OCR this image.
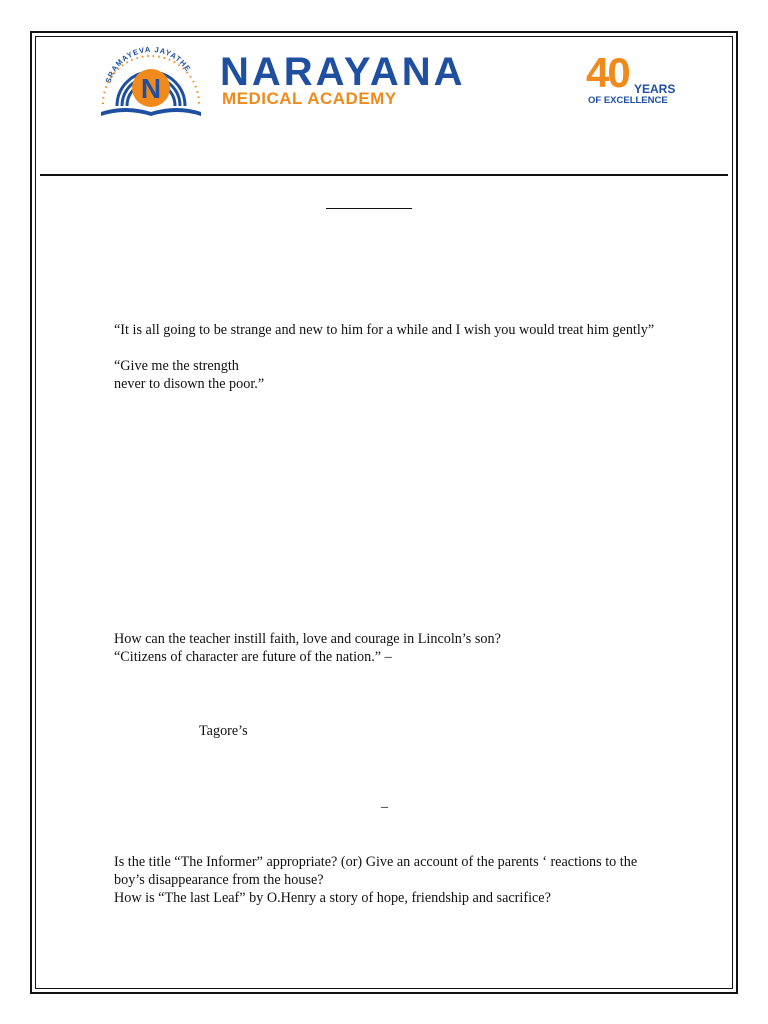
SRAMAYEVA JAYATHE
N NARAYANA
MEDICAL ACADEMY
40 YEARS
OF EXCELLENCE
“It is all going to be strange and new to him for a while and I wish you would treat him gently”
“Give me the strength
never to disown the poor.”
How can the teacher instill faith, love and courage in Lincoln’s son?
“Citizens of character are future of the nation.” –
Tagore’s
–
Is the title “The Informer” appropriate? (or) Give an account of the parents ‘ reactions to the
boy’s disappearance from the house?
How is “The last Leaf” by O.Henry a story of hope, friendship and sacrifice?
